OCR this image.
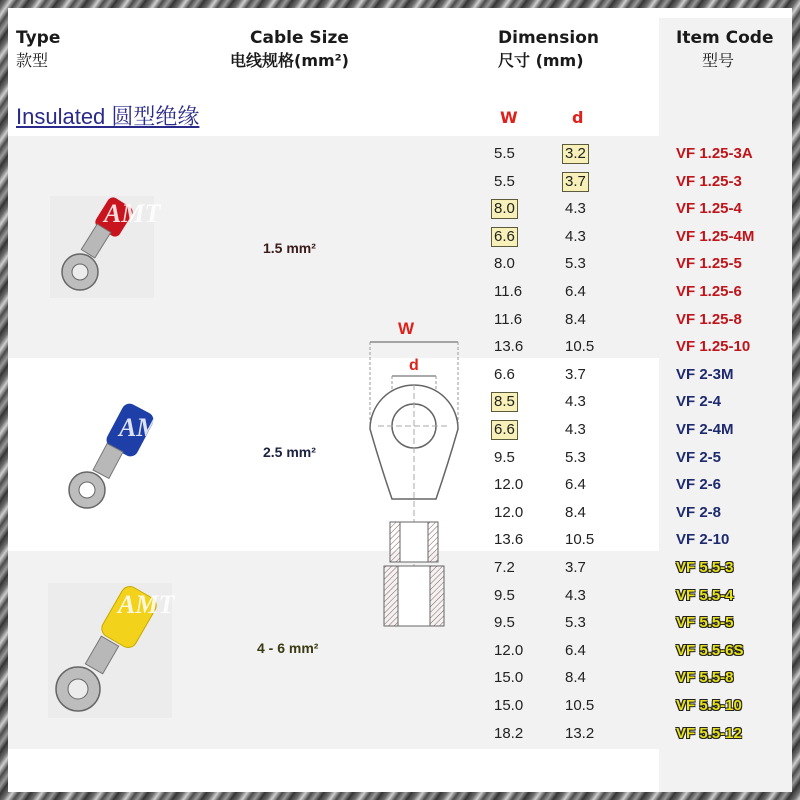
Type
款型
Cable Size
电线规格(mm²)
Dimension
尺寸 (mm)
Item Code
型号
Insulated 圆型绝缘	W	d
AMT
AMT
AMT
1.5 mm²
2.5 mm²
4 - 6 mm²
W
d
5.5	3.2	VF 1.25-3A
5.5	3.7	VF 1.25-3
8.0	4.3	VF 1.25-4
6.6	4.3	VF 1.25-4M
8.0	5.3	VF 1.25-5
11.6	6.4	VF 1.25-6
11.6	8.4	VF 1.25-8
13.6	10.5	VF 1.25-10
6.6	3.7	VF 2-3M
8.5	4.3	VF 2-4
6.6	4.3	VF 2-4M
9.5	5.3	VF 2-5
12.0	6.4	VF 2-6
12.0	8.4	VF 2-8
13.6	10.5	VF 2-10
7.2	3.7	VF 5.5-3
9.5	4.3	VF 5.5-4
9.5	5.3	VF 5.5-5
12.0	6.4	VF 5.5-6S
15.0	8.4	VF 5.5-8
15.0	10.5	VF 5.5-10
18.2	13.2	VF 5.5-12
